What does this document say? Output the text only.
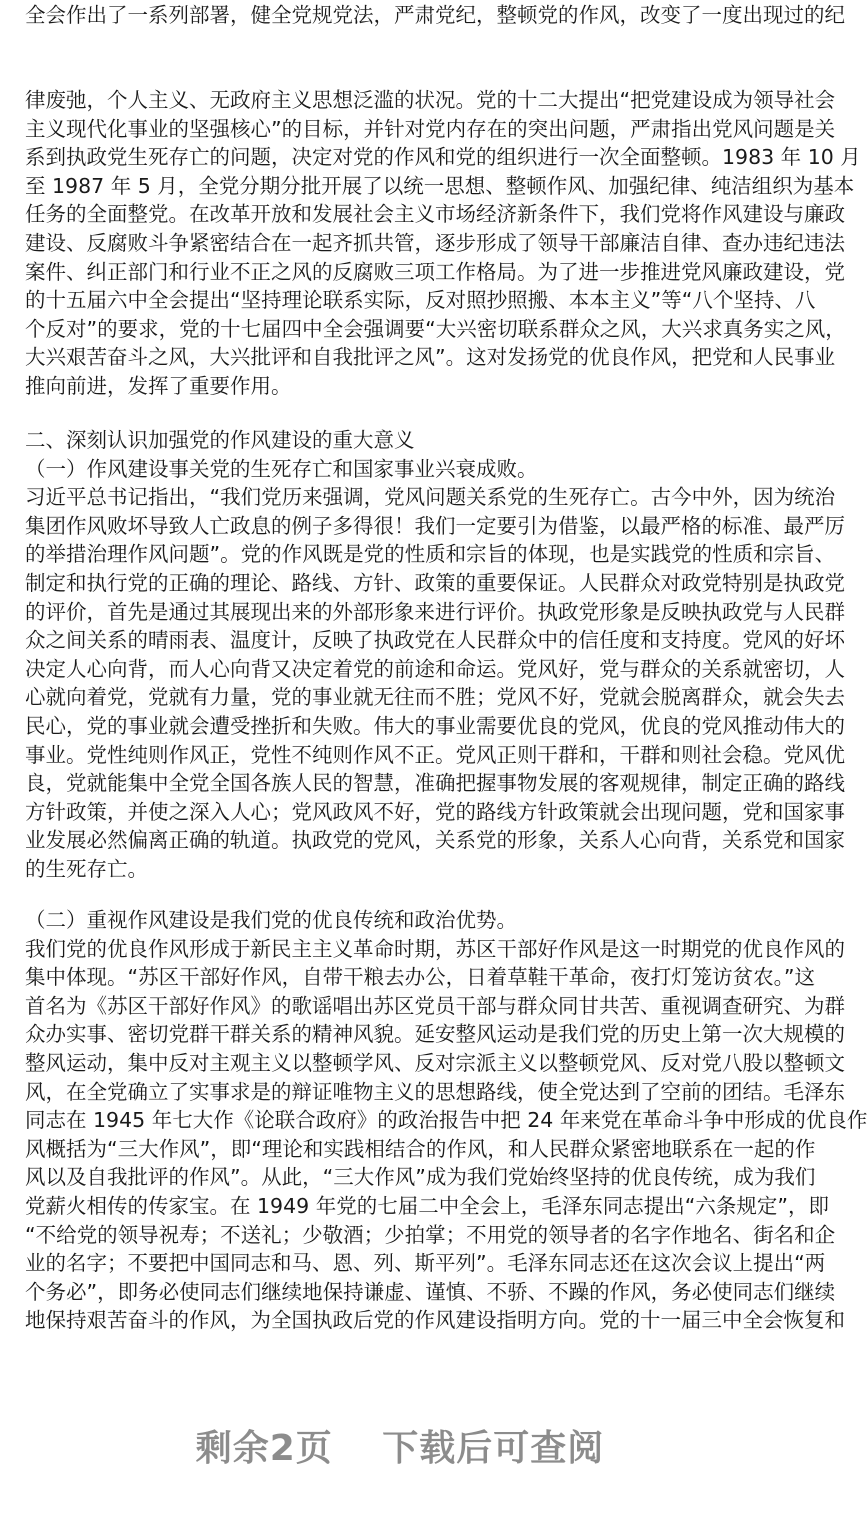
全会作出了一系列部署，健全党规党法，严肃党纪，整顿党的作风，改变了一度出现过的纪
律废弛，个人主义、无政府主义思想泛滥的状况。党的十二大提出“把党建设成为领导社会
主义现代化事业的坚强核心”的目标，并针对党内存在的突出问题，严肃指出党风问题是关
系到执政党生死存亡的问题，决定对党的作风和党的组织进行一次全面整顿。1983 年 10 月
至 1987 年 5 月，全党分期分批开展了以统一思想、整顿作风、加强纪律、纯洁组织为基本
任务的全面整党。在改革开放和发展社会主义市场经济新条件下，我们党将作风建设与廉政
建设、反腐败斗争紧密结合在一起齐抓共管，逐步形成了领导干部廉洁自律、查办违纪违法
案件、纠正部门和行业不正之风的反腐败三项工作格局。为了进一步推进党风廉政建设，党
的十五届六中全会提出“坚持理论联系实际，反对照抄照搬、本本主义”等“八个坚持、八
个反对”的要求，党的十七届四中全会强调要“大兴密切联系群众之风，大兴求真务实之风，
大兴艰苦奋斗之风，大兴批评和自我批评之风”。这对发扬党的优良作风，把党和人民事业
推向前进，发挥了重要作用。
二、深刻认识加强党的作风建设的重大意义
（一）作风建设事关党的生死存亡和国家事业兴衰成败。
习近平总书记指出，“我们党历来强调，党风问题关系党的生死存亡。古今中外，因为统治
集团作风败坏导致人亡政息的例子多得很！我们一定要引为借鉴，以最严格的标准、最严厉
的举措治理作风问题”。党的作风既是党的性质和宗旨的体现，也是实践党的性质和宗旨、
制定和执行党的正确的理论、路线、方针、政策的重要保证。人民群众对政党特别是执政党
的评价，首先是通过其展现出来的外部形象来进行评价。执政党形象是反映执政党与人民群
众之间关系的晴雨表、温度计，反映了执政党在人民群众中的信任度和支持度。党风的好坏
决定人心向背，而人心向背又决定着党的前途和命运。党风好，党与群众的关系就密切，人
心就向着党，党就有力量，党的事业就无往而不胜；党风不好，党就会脱离群众，就会失去
民心，党的事业就会遭受挫折和失败。伟大的事业需要优良的党风，优良的党风推动伟大的
事业。党性纯则作风正，党性不纯则作风不正。党风正则干群和，干群和则社会稳。党风优
良，党就能集中全党全国各族人民的智慧，准确把握事物发展的客观规律，制定正确的路线
方针政策，并使之深入人心；党风政风不好，党的路线方针政策就会出现问题，党和国家事
业发展必然偏离正确的轨道。执政党的党风，关系党的形象，关系人心向背，关系党和国家
的生死存亡。
（二）重视作风建设是我们党的优良传统和政治优势。
我们党的优良作风形成于新民主主义革命时期，苏区干部好作风是这一时期党的优良作风的
集中体现。“苏区干部好作风，自带干粮去办公，日着草鞋干革命，夜打灯笼访贫农。”这
首名为《苏区干部好作风》的歌谣唱出苏区党员干部与群众同甘共苦、重视调查研究、为群
众办实事、密切党群干群关系的精神风貌。延安整风运动是我们党的历史上第一次大规模的
整风运动，集中反对主观主义以整顿学风、反对宗派主义以整顿党风、反对党八股以整顿文
风，在全党确立了实事求是的辩证唯物主义的思想路线，使全党达到了空前的团结。毛泽东
同志在 1945 年七大作《论联合政府》的政治报告中把 24 年来党在革命斗争中形成的优良作
风概括为“三大作风”，即“理论和实践相结合的作风，和人民群众紧密地联系在一起的作
风以及自我批评的作风”。从此，“三大作风”成为我们党始终坚持的优良传统，成为我们
党薪火相传的传家宝。在 1949 年党的七届二中全会上，毛泽东同志提出“六条规定”，即
“不给党的领导祝寿；不送礼；少敬酒；少拍掌；不用党的领导者的名字作地名、街名和企
业的名字；不要把中国同志和马、恩、列、斯平列”。毛泽东同志还在这次会议上提出“两
个务必”，即务必使同志们继续地保持谦虚、谨慎、不骄、不躁的作风，务必使同志们继续
地保持艰苦奋斗的作风，为全国执政后党的作风建设指明方向。党的十一届三中全会恢复和
剩余2页 下载后可查阅
